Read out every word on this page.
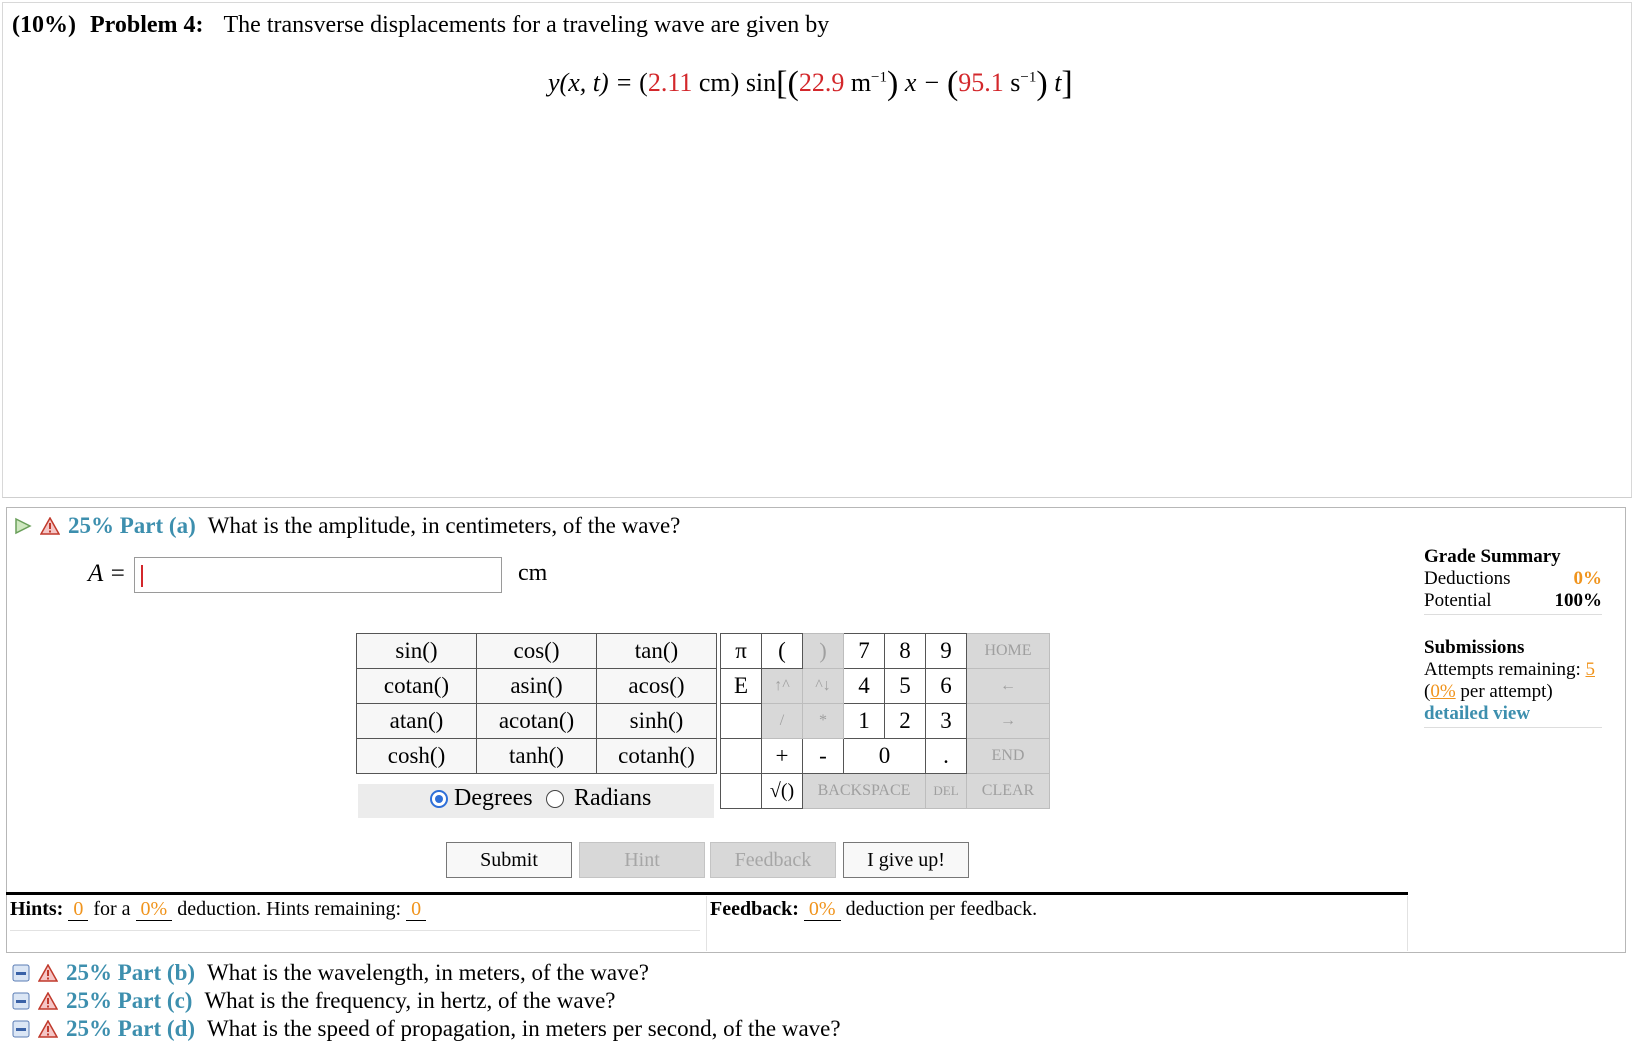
(10%) Problem 4: The transverse displacements for a traveling wave are given by
y(x, t) = (2.11 cm) sin[(22.9 $m^{-1}$) x − (95.1 $s^{-1}$) t]
25% Part (a) What is the amplitude, in centimeters, of the wave?
A =	cm
sin()	cos()	tan()
cotan()	asin()	acos()
atan()	acotan()	sinh()
cosh()	tanh()	cotanh()
Degrees Radians
π	(	)	7	8	9	HOME
E	↑^	^↓	4	5	6	←
	/	*	1	2	3	→
	+	-	0		.	END
	√()	BACKSPACE			DEL	CLEAR
Submit	Hint	Feedback	I give up!
Hints: 0 for a 0% deduction. Hints remaining: 0	Feedback: 0% deduction per feedback.
Grade Summary
Deductions	0%
Potential	100%
Submissions
Attempts remaining: 5
(0% per attempt)
detailed view
25% Part (b) What is the wavelength, in meters, of the wave?
25% Part (c) What is the frequency, in hertz, of the wave?
25% Part (d) What is the speed of propagation, in meters per second, of the wave?
